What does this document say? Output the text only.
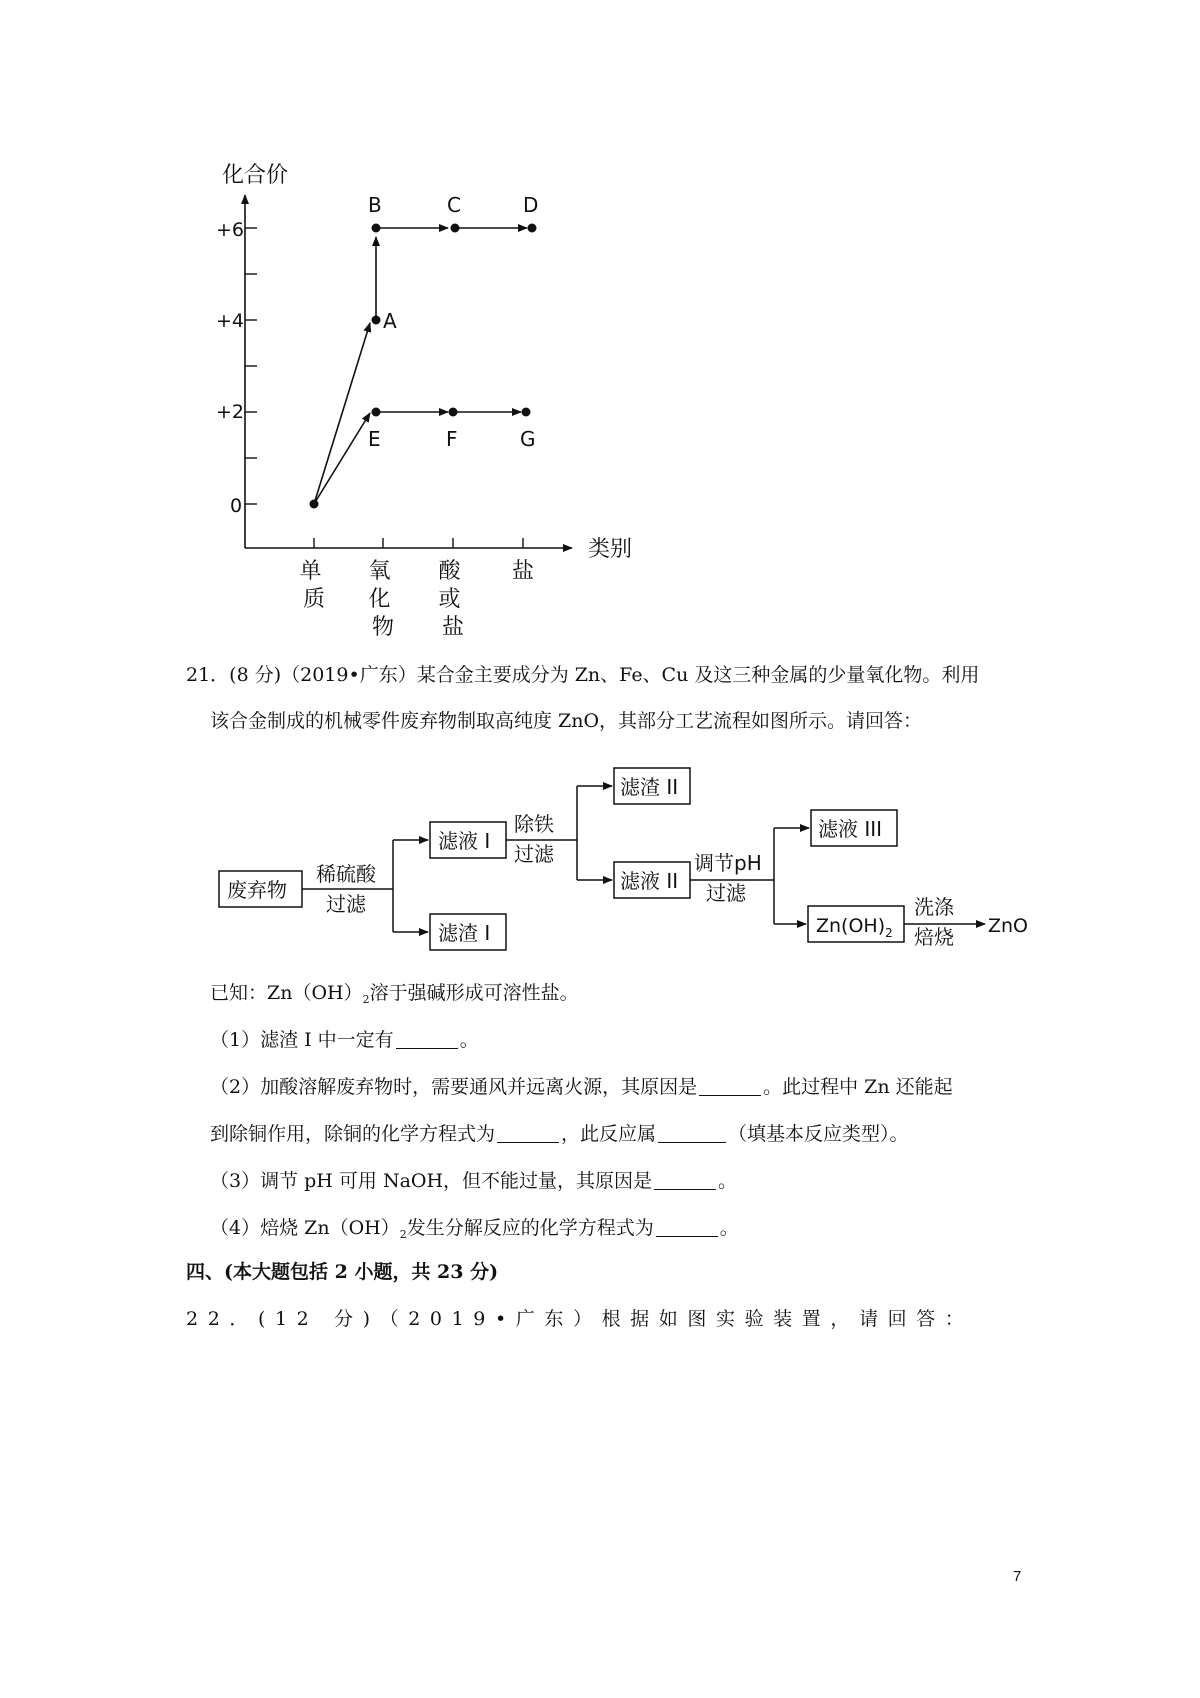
化合价
类别
+6
+4
+2
0
单 质
氧 化 物
酸 或 盐
盐
A
B	C	D
E	F	G
21．(8 分)（2019•广东）某合金主要成分为 Zn、Fe、Cu 及这三种金属的少量氧化物。利用
该合金制成的机械零件废弃物制取高纯度 ZnO，其部分工艺流程如图所示。请回答：
废弃物
稀硫酸
过滤
滤液 I
滤渣 I
除铁
过滤
滤渣 II
滤液 II
调节pH
过滤
滤液 III
$Zn(OH)_2$
洗涤
焙烧 ZnO
已知：$Zn(OH)_2$溶于强碱形成可溶性盐。
（1）滤渣 I 中一定有	。
（2）加酸溶解废弃物时，需要通风并远离火源，其原因是	。此过程中 Zn 还能起
到除铜作用，除铜的化学方程式为	，此反应属	（填基本反应类型）。
（3）调节 pH 可用 NaOH，但不能过量，其原因是	。
（4）焙烧 $Zn(OH)_2$发生分解反应的化学方程式为	。
四、(本大题包括 2 小题，共 23 分)
22．(12 分)（2019•广东）根据如图实验装置，请回答：
7
